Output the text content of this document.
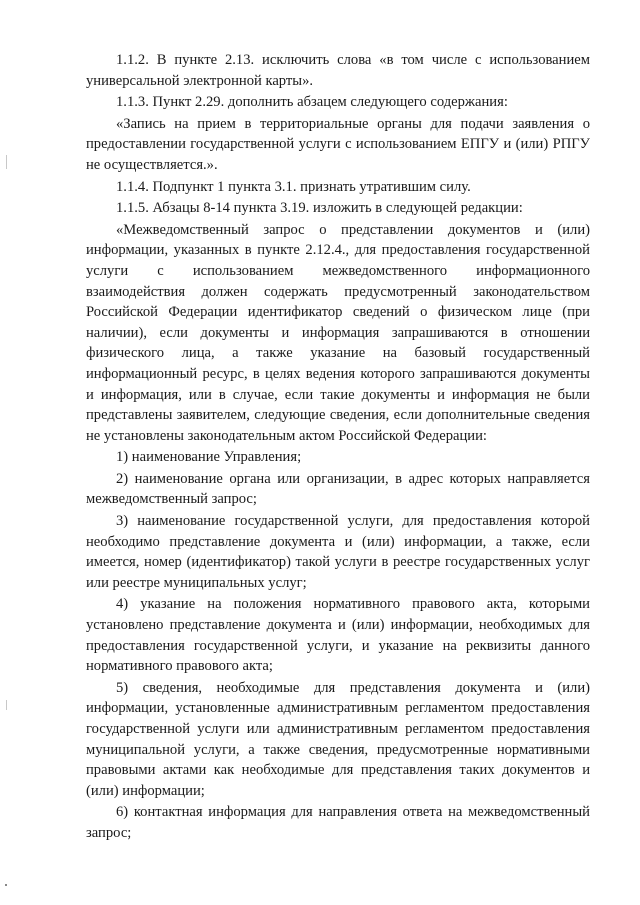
1.1.2. В пункте 2.13. исключить слова «в том числе с использованием универсальной электронной карты».

1.1.3. Пункт 2.29. дополнить абзацем следующего содержания:

«Запись на прием в территориальные органы для подачи заявления о предоставлении государственной услуги с использованием ЕПГУ и (или) РПГУ не осуществляется.».

1.1.4. Подпункт 1 пункта 3.1. признать утратившим силу.

1.1.5. Абзацы 8-14 пункта 3.19. изложить в следующей редакции:

«Межведомственный запрос о представлении документов и (или) информации, указанных в пункте 2.12.4., для предоставления государственной услуги с использованием межведомственного информационного взаимодействия должен содержать предусмотренный законодательством Российской Федерации идентификатор сведений о физическом лице (при наличии), если документы и информация запрашиваются в отношении физического лица, а также указание на базовый государственный информационный ресурс, в целях ведения которого запрашиваются документы и информация, или в случае, если такие документы и информация не были представлены заявителем, следующие сведения, если дополнительные сведения не установлены законодательным актом Российской Федерации:

1) наименование Управления;

2) наименование органа или организации, в адрес которых направляется межведомственный запрос;

3) наименование государственной услуги, для предоставления которой необходимо представление документа и (или) информации, а также, если имеется, номер (идентификатор) такой услуги в реестре государственных услуг или реестре муниципальных услуг;

4) указание на положения нормативного правового акта, которыми установлено представление документа и (или) информации, необходимых для предоставления государственной услуги, и указание на реквизиты данного нормативного правового акта;

5) сведения, необходимые для представления документа и (или) информации, установленные административным регламентом предоставления государственной услуги или административным регламентом предоставления муниципальной услуги, а также сведения, предусмотренные нормативными правовыми актами как необходимые для представления таких документов и (или) информации;

6) контактная информация для направления ответа на межведомственный запрос;
